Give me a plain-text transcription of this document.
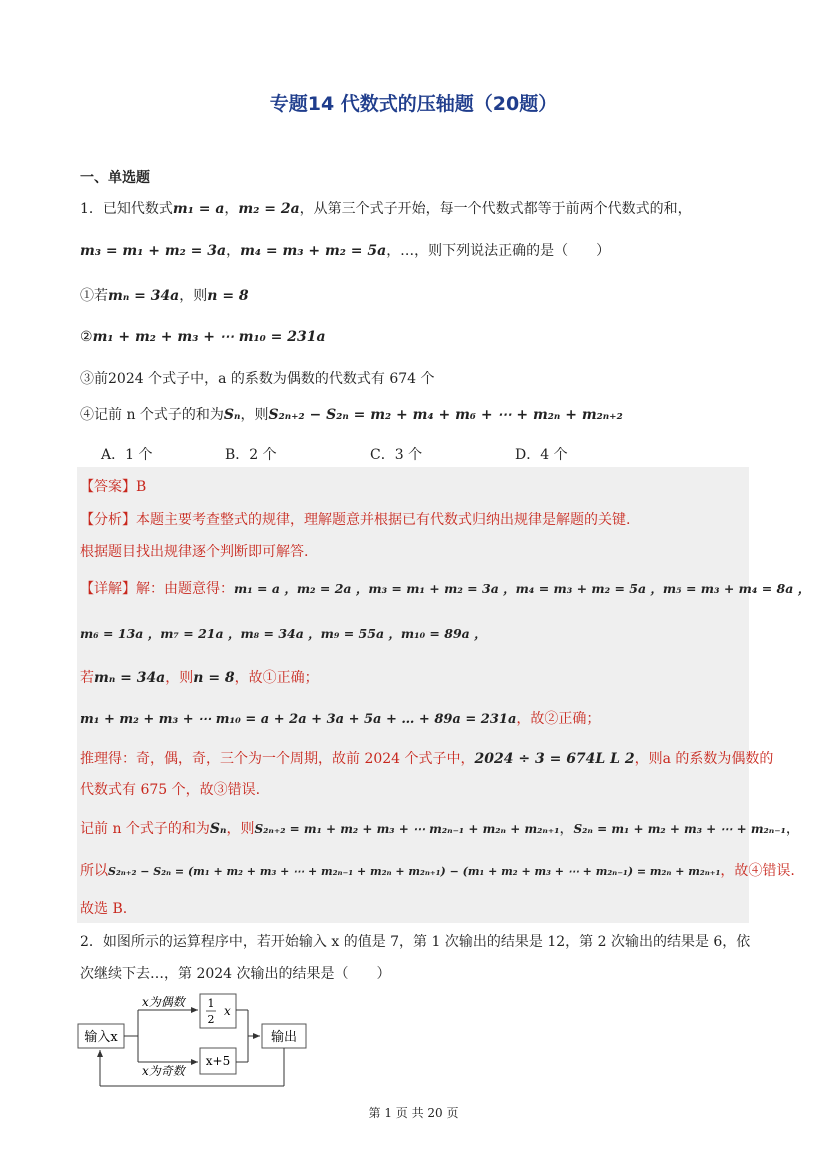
专题14 代数式的压轴题（20题）
一、单选题
1．已知代数式m₁ = a，m₂ = 2a，从第三个式子开始，每一个代数式都等于前两个代数式的和，
m₃ = m₁ + m₂ = 3a，m₄ = m₃ + m₂ = 5a，…，则下列说法正确的是（　　）
①若mₙ = 34a，则n = 8
②m₁ + m₂ + m₃ + ⋯ m₁₀ = 231a
③前2024 个式子中，a 的系数为偶数的代数式有 674 个
④记前 n 个式子的和为Sₙ，则S₂ₙ₊₂ − S₂ₙ = m₂ + m₄ + m₆ + ⋯ + m₂ₙ + m₂ₙ₊₂
A．1 个	B．2 个	C．3 个	D．4 个
【答案】B
【分析】本题主要考查整式的规律，理解题意并根据已有代数式归纳出规律是解题的关键.
根据题目找出规律逐个判断即可解答.
【详解】解：由题意得：m₁ = a ，m₂ = 2a ，m₃ = m₁ + m₂ = 3a ，m₄ = m₃ + m₂ = 5a ，m₅ = m₃ + m₄ = 8a ，
m₆ = 13a ，m₇ = 21a ，m₈ = 34a ，m₉ = 55a ，m₁₀ = 89a ，
若mₙ = 34a，则n = 8，故①正确；
m₁ + m₂ + m₃ + ⋯ m₁₀ = a + 2a + 3a + 5a + … + 89a = 231a，故②正确；
推理得：奇，偶，奇，三个为一个周期，故前 2024 个式子中，2024 ÷ 3 = 674L L 2，则a 的系数为偶数的
代数式有 675 个，故③错误.
记前 n 个式子的和为Sₙ，则S₂ₙ₊₂ = m₁ + m₂ + m₃ + ⋯ m₂ₙ₋₁ + m₂ₙ + m₂ₙ₊₁，S₂ₙ = m₁ + m₂ + m₃ + ⋯ + m₂ₙ₋₁，
所以S₂ₙ₊₂ − S₂ₙ = (m₁ + m₂ + m₃ + ⋯ + m₂ₙ₋₁ + m₂ₙ + m₂ₙ₊₁) − (m₁ + m₂ + m₃ + ⋯ + m₂ₙ₋₁) = m₂ₙ + m₂ₙ₊₁，故④错误.
故选 B.
2．如图所示的运算程序中，若开始输入 x 的值是 7，第 1 次输出的结果是 12，第 2 次输出的结果是 6，依
次继续下去…，第 2024 次输出的结果是（　　）
输入x
x为偶数
x为奇数
1
2
x
x+5
输出
第 1 页 共 20 页
